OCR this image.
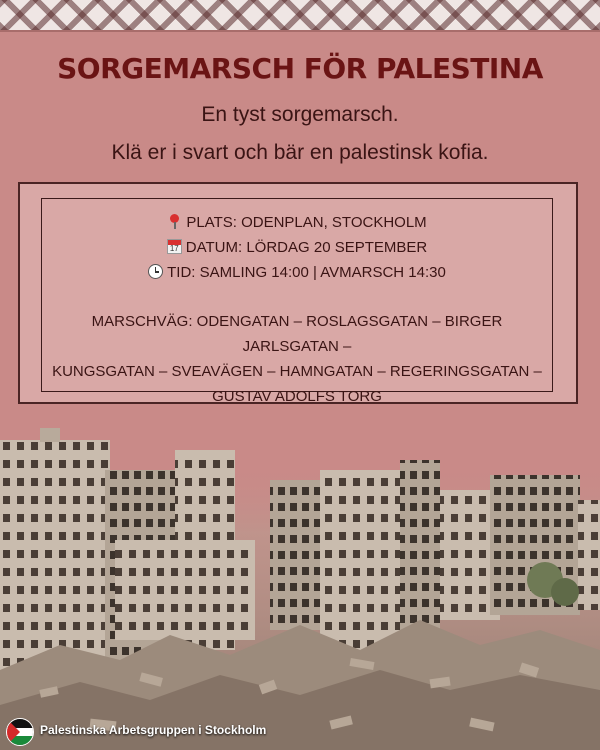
SORGEMARSCH FÖR PALESTINA
En tyst sorgemarsch.
Klä er i svart och bär en palestinsk kofia.
PLATS: ODENPLAN, STOCKHOLM
17DATUM: LÖRDAG 20 SEPTEMBER
TID: SAMLING 14:00 | AVMARSCH 14:30
MARSCHVÄG: ODENGATAN – ROSLAGSGATAN – BIRGER JARLSGATAN –
KUNGSGATAN – SVEAVÄGEN – HAMNGATAN – REGERINGSGATAN –
GUSTAV ADOLFS TORG
Palestinska Arbetsgruppen i Stockholm
